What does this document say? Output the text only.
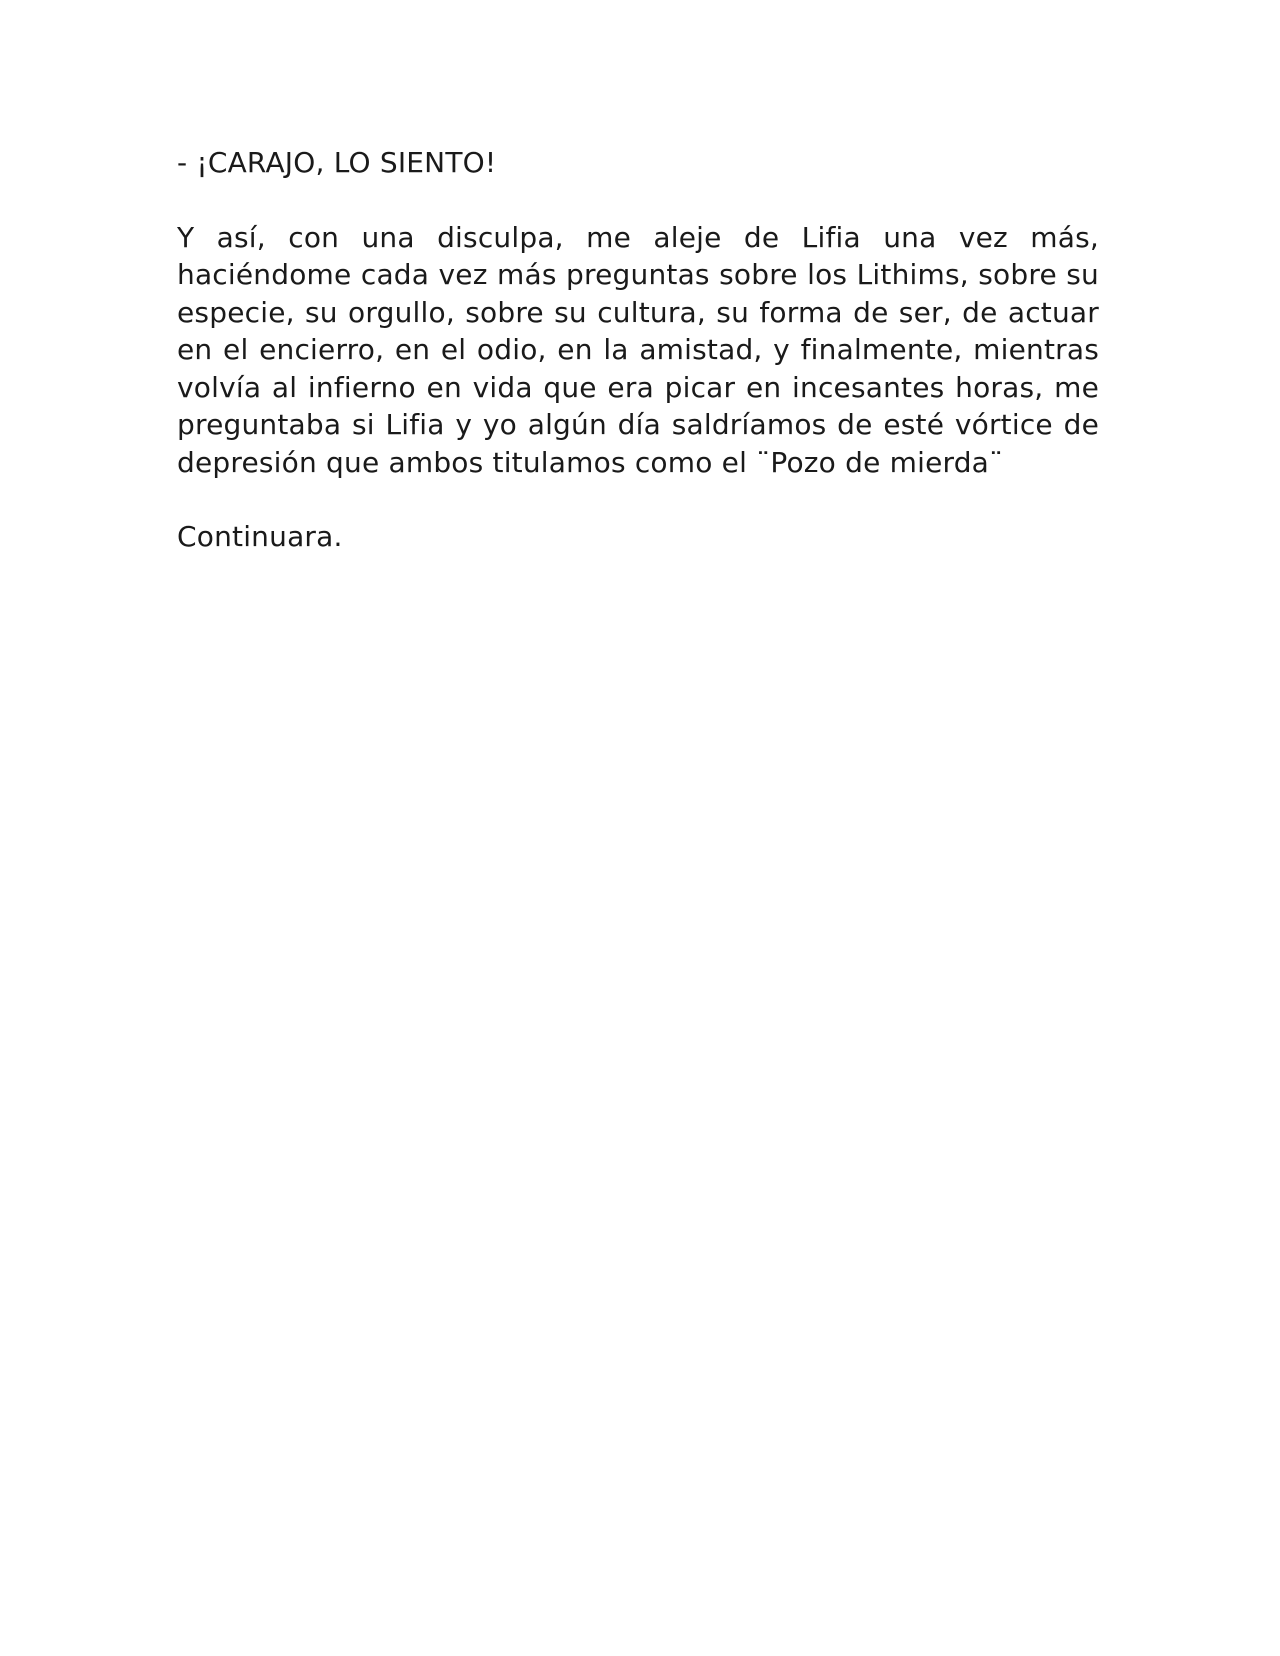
- ¡CARAJO, LO SIENTO!

Y así, con una disculpa, me aleje de Lifia una vez más, haciéndome cada vez más preguntas sobre los Lithims, sobre su especie, su orgullo, sobre su cultura, su forma de ser, de actuar en el encierro, en el odio, en la amistad, y finalmente, mientras volvía al infierno en vida que era picar en incesantes horas, me preguntaba si Lifia y yo algún día saldríamos de esté vórtice de depresión que ambos titulamos como el ¨Pozo de mierda¨

Continuara.
